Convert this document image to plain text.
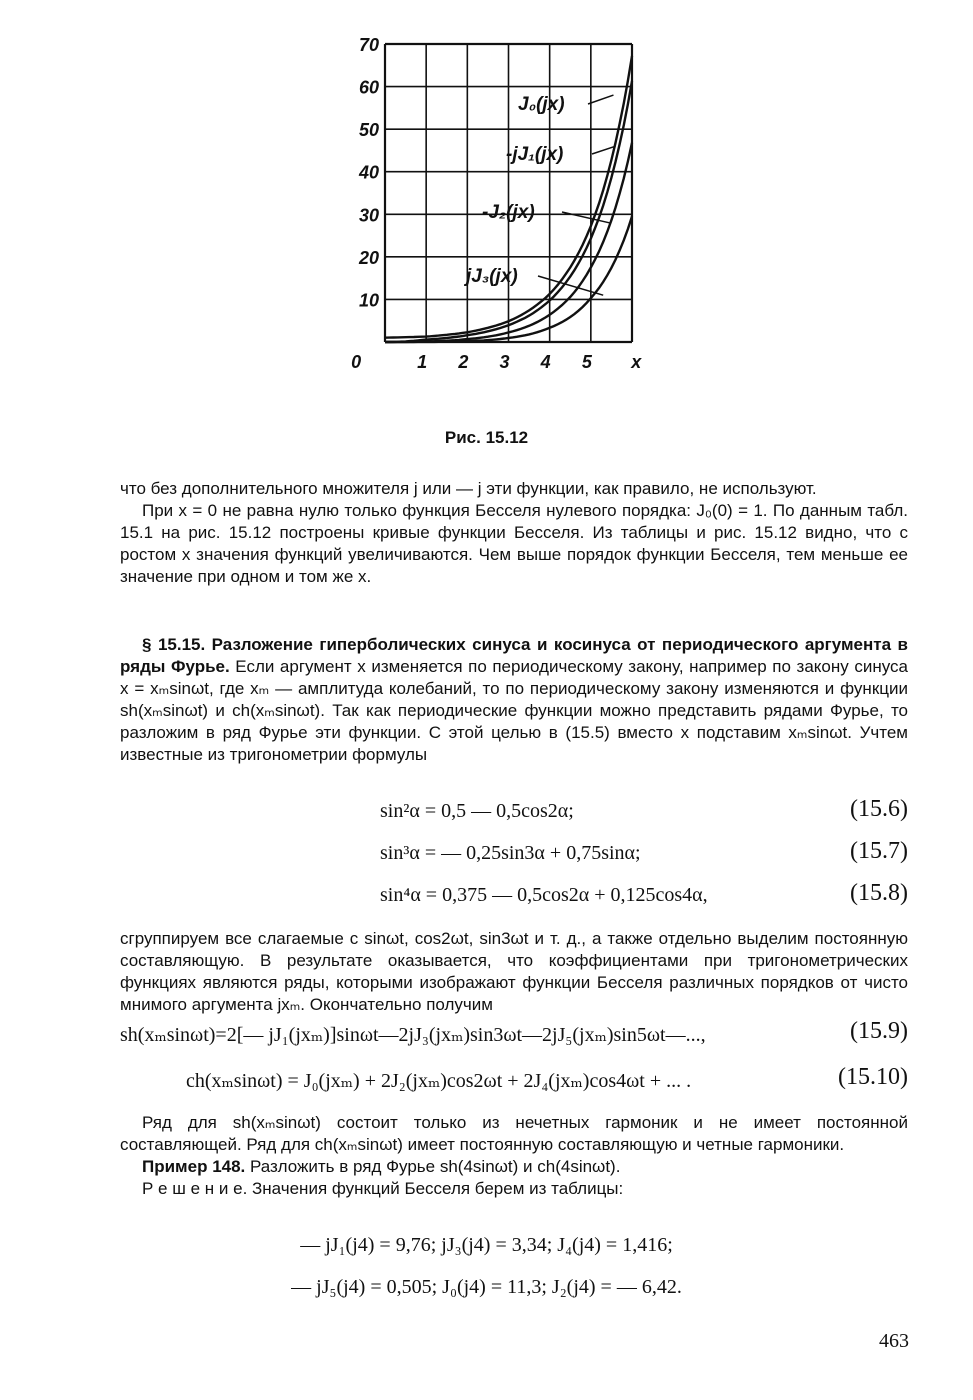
70
60
50
40
30
20
10
0	1 2 3 4 5 x
J₀(jx)
-jJ₁(jx)
-J₂(jx)
jJ₃(jx)
Рис. 15.12

что без дополнительного множителя j или — j эти функции, как правило, не используют.

При x = 0 не равна нулю только функция Бесселя нулевого порядка: J₀(0) = 1. По данным табл. 15.1 на рис. 15.12 построены кривые функции Бесселя. Из таблицы и рис. 15.12 видно, что с ростом x значения функций увеличиваются. Чем выше порядок функции Бесселя, тем меньше ее значение при одном и том же x.

§ 15.15. Разложение гиперболических синуса и косинуса от периодического аргумента в ряды Фурье. Если аргумент x изменяется по периодическому закону, например по закону синуса x = xₘsinωt, где xₘ — амплитуда колебаний, то по периодическому закону изменяются и функции sh(xₘsinωt) и ch(xₘsinωt). Так как периодические функции можно представить рядами Фурье, то разложим в ряд Фурье эти функции. С этой целью в (15.5) вместо x подставим xₘsinωt. Учтем известные из тригонометрии формулы

sin²α = 0,5 — 0,5cos2α;	(15.6)
sin³α = — 0,25sin3α + 0,75sinα;	(15.7)
sin⁴α = 0,375 — 0,5cos2α + 0,125cos4α,	(15.8)

сгруппируем все слагаемые с sinωt, cos2ωt, sin3ωt и т. д., а также отдельно выделим постоянную составляющую. В результате оказывается, что коэффициентами при тригонометрических функциях являются ряды, которыми изображают функции Бесселя различных порядков от чисто мнимого аргумента jxₘ. Окончательно получим

sh(xₘsinωt)=2[— jJ₁(jxₘ)]sinωt—2jJ₃(jxₘ)sin3ωt—2jJ₅(jxₘ)sin5ωt—...,	(15.9)
ch(xₘsinωt) = J₀(jxₘ) + 2J₂(jxₘ)cos2ωt + 2J₄(jxₘ)cos4ωt + ... .	(15.10)

Ряд для sh(xₘsinωt) состоит только из нечетных гармоник и не имеет постоянной составляющей. Ряд для ch(xₘsinωt) имеет постоянную составляющую и четные гармоники.

Пример 148. Разложить в ряд Фурье sh(4sinωt) и ch(4sinωt).

Р е ш е н и е. Значения функций Бесселя берем из таблицы:

— jJ₁(j4) = 9,76; jJ₃(j4) = 3,34; J₄(j4) = 1,416;
— jJ₅(j4) = 0,505; J₀(j4) = 11,3; J₂(j4) = — 6,42.
463
